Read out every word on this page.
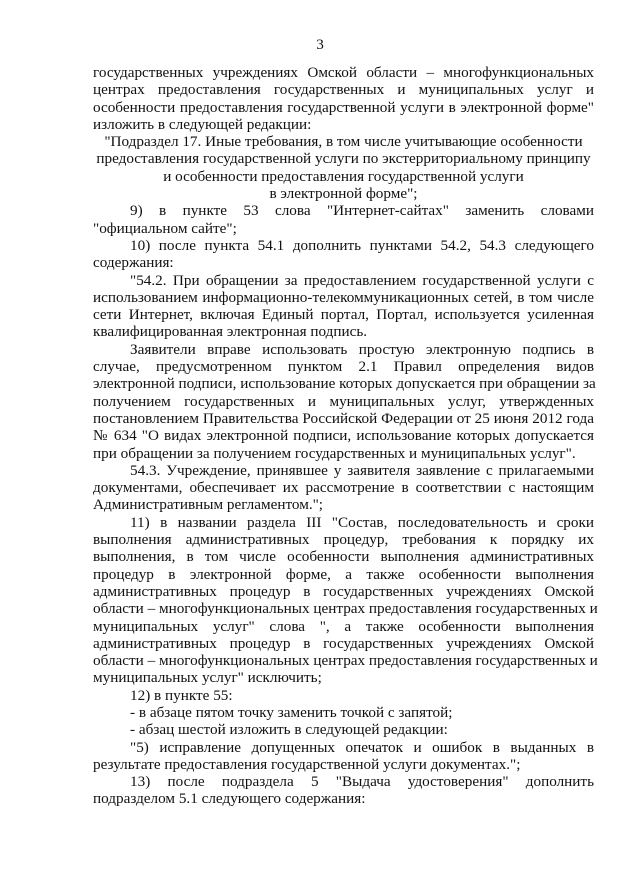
3
государственных учреждениях Омской области – многофункциональных
центрах предоставления государственных и муниципальных услуг и
особенности предоставления государственной услуги в электронной форме"
изложить в следующей редакции:
"Подраздел 17. Иные требования, в том числе учитывающие особенности
предоставления государственной услуги по экстерриториальному принципу
и особенности предоставления государственной услуги
в электронной форме";
9) в пункте 53 слова "Интернет-сайтах" заменить словами
"официальном сайте";
10) после пункта 54.1 дополнить пунктами 54.2, 54.3 следующего
содержания:
"54.2. При обращении за предоставлением государственной услуги с
использованием информационно-телекоммуникационных сетей, в том числе
сети Интернет, включая Единый портал, Портал, используется усиленная
квалифицированная электронная подпись.
Заявители вправе использовать простую электронную подпись в
случае, предусмотренном пунктом 2.1 Правил определения видов
электронной подписи, использование которых допускается при обращении за
получением государственных и муниципальных услуг, утвержденных
постановлением Правительства Российской Федерации от 25 июня 2012 года
№ 634 "О видах электронной подписи, использование которых допускается
при обращении за получением государственных и муниципальных услуг".
54.3. Учреждение, принявшее у заявителя заявление с прилагаемыми
документами, обеспечивает их рассмотрение в соответствии с настоящим
Административным регламентом.";
11) в названии раздела III "Состав, последовательность и сроки
выполнения административных процедур, требования к порядку их
выполнения, в том числе особенности выполнения административных
процедур в электронной форме, а также особенности выполнения
административных процедур в государственных учреждениях Омской
области – многофункциональных центрах предоставления государственных и
муниципальных услуг" слова ", а также особенности выполнения
административных процедур в государственных учреждениях Омской
области – многофункциональных центрах предоставления государственных и
муниципальных услуг" исключить;
12) в пункте 55:
- в абзаце пятом точку заменить точкой с запятой;
- абзац шестой изложить в следующей редакции:
"5) исправление допущенных опечаток и ошибок в выданных в
результате предоставления государственной услуги документах.";
13) после подраздела 5 "Выдача удостоверения" дополнить
подразделом 5.1 следующего содержания:
